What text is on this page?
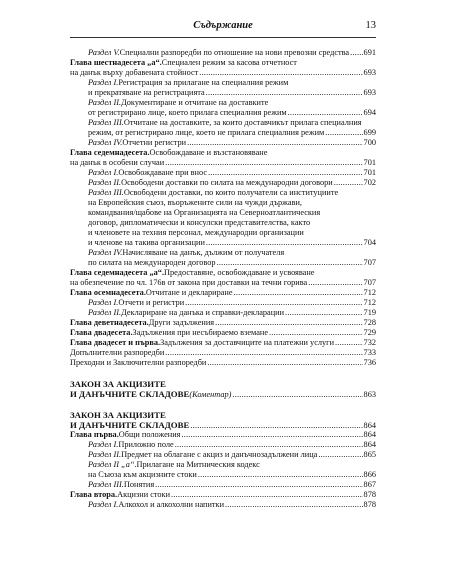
Съдържание	13
Раздел V. Специални разпоредби по отношение на нови превозни средства ..... 691
Глава шестнадесета „а“. Специален режим за касова отчетност
на данък върху добавената стойност .....	693
Раздел I. Регистрация за прилагане на специалния режим
и прекратяване на регистрацията .....	693
Раздел II. Документиране и отчитане на доставките
от регистрирано лице, което прилага специалния режим .....	694
Раздел III. Отчитане на доставките, за които доставчикът прилага специалния
режим, от регистрирано лице, което не прилага специалния режим .....	699
Раздел IV. Отчетни регистри .....	700
Глава седемнадесета. Освобождаване и възстановяване
на данък в особени случаи .....	701
Раздел I. Освобождаване при внос .....	701
Раздел II. Освободени доставки по силата на международни договори .....	702
Раздел III. Освободени доставки, по които получатели са институциите
на Европейския съюз, въоръжените сили на чужди държави,
командвания/щабове на Организацията на Северноатлантическия
договор, дипломатически и консулски представителства, както
и членовете на техния персонал, международни организации
и членове на такива организации .....	704
Раздел IV. Начисляване на данък, дължим от получателя
по силата на международен договор .....	707
Глава седемнадесета „а“. Предоставяне, освобождаване и усвояване
на обезпечение по чл. 176в от закона при доставки на течни горива .....	707
Глава осемнадесета. Отчитане и деклариране .....	712
Раздел I. Отчети и регистри .....	712
Раздел II. Деклариране на данъка и справки-декларации .....	719
Глава деветнадесета. Други задължения .....	728
Глава двадесета. Задължения при несъбираемо вземане .....	729
Глава двадесет и първа. Задължения за доставчиците на платежни услуги .....	732
Допълнителни разпоредби .....	733
Преходни и Заключителни разпоредби .....	736
ЗАКОН ЗА АКЦИЗИТЕ
И ДАНЪЧНИТЕ СКЛАДОВЕ (Коментар) .....	863
ЗАКОН ЗА АКЦИЗИТЕ
И ДАНЪЧНИТЕ СКЛАДОВЕ .....	864
Глава първа. Общи положения .....	864
Раздел I. Приложно поле .....	864
Раздел II. Предмет на облагане с акциз и данъчнозадължени лица .....	865
Раздел II „а“. Прилагане на Митническия кодекс
на Съюза към акцизните стоки .....	866
Раздел III. Понятия .....	867
Глава втора. Акцизни стоки .....	878
Раздел I. Алкохол и алкохолни напитки .....	878
